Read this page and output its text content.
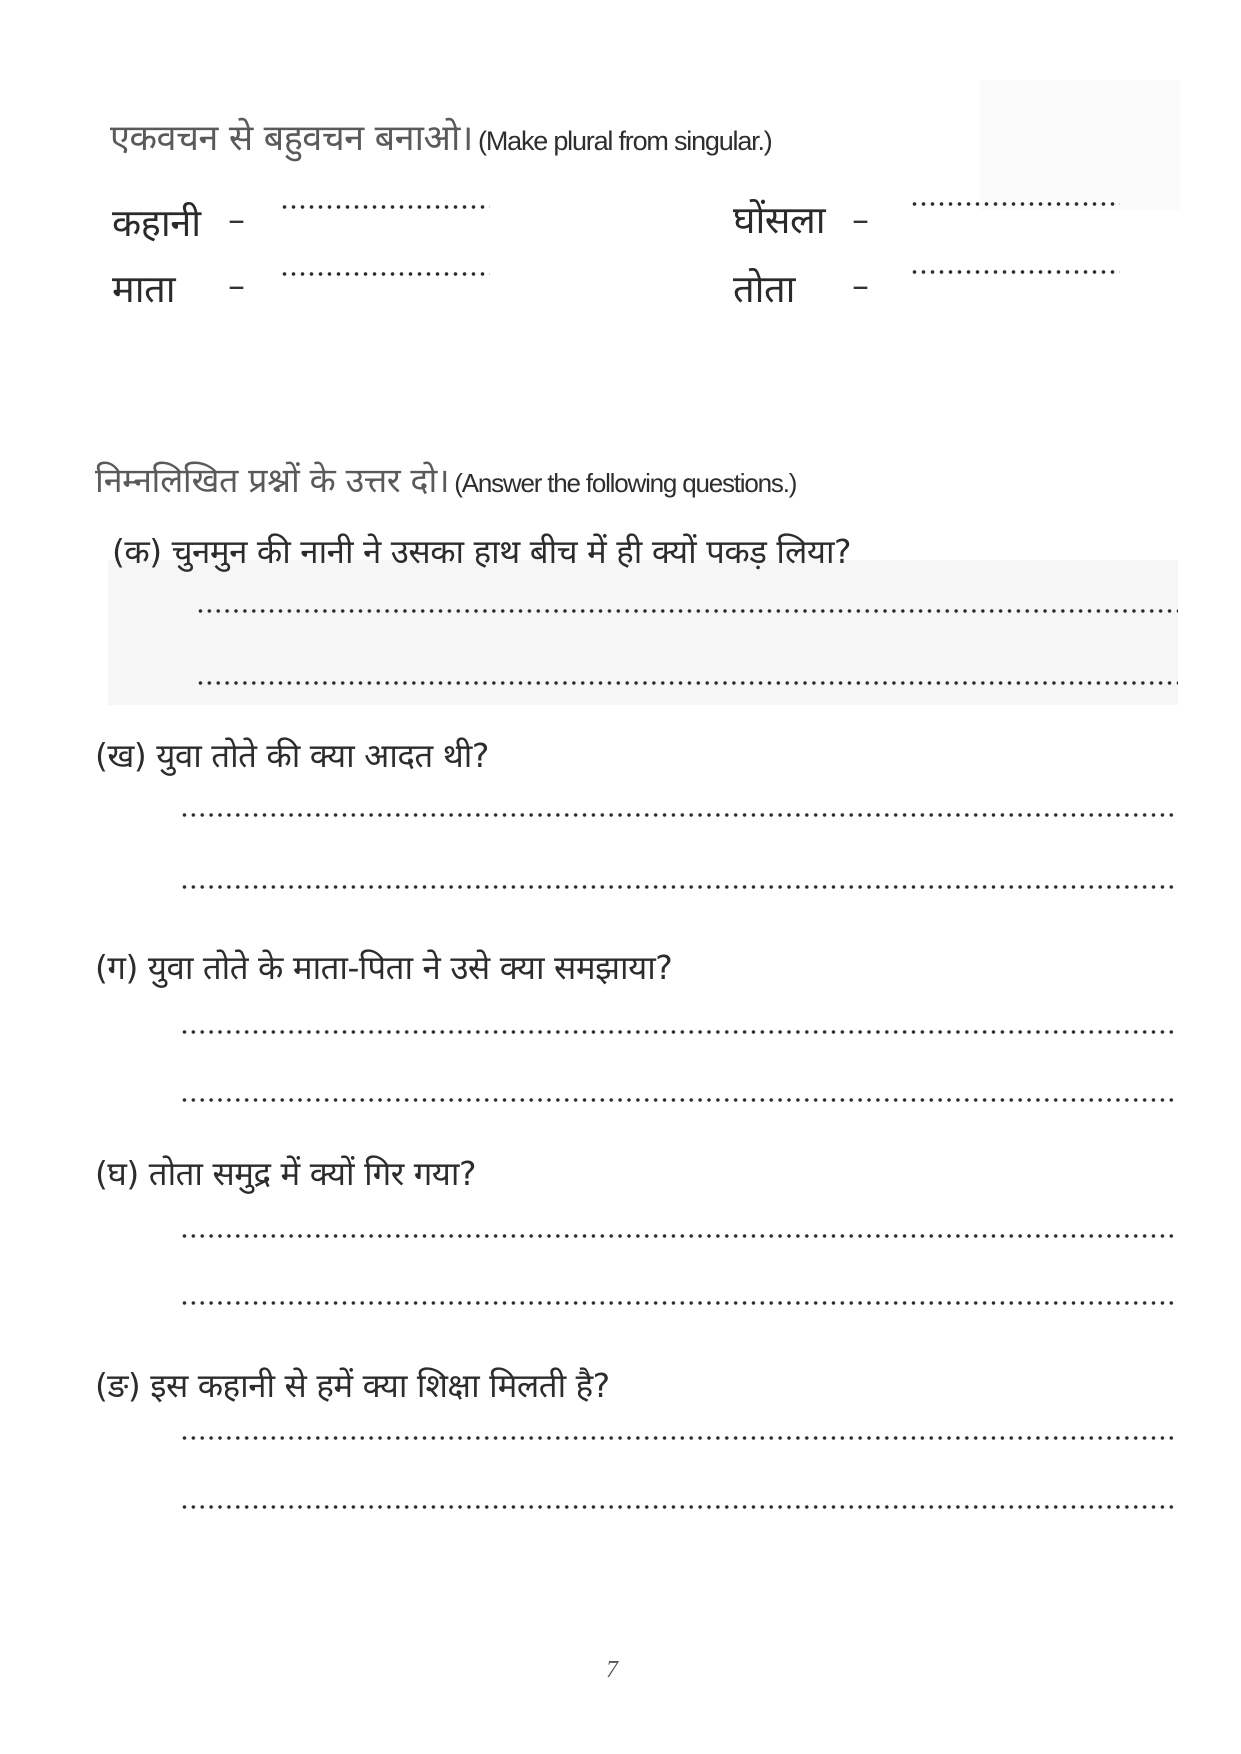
एकवचन से बहुवचन बनाओ। (Make plural from singular.)
कहानी –
माता –
घोंसला –
तोता –
निम्नलिखित प्रश्नों के उत्तर दो। (Answer the following questions.)
(क) चुनमुन की नानी ने उसका हाथ बीच में ही क्यों पकड़ लिया?
(ख) युवा तोते की क्या आदत थी?
(ग) युवा तोते के माता-पिता ने उसे क्या समझाया?
(घ) तोता समुद्र में क्यों गिर गया?
(ङ) इस कहानी से हमें क्या शिक्षा मिलती है?
7
